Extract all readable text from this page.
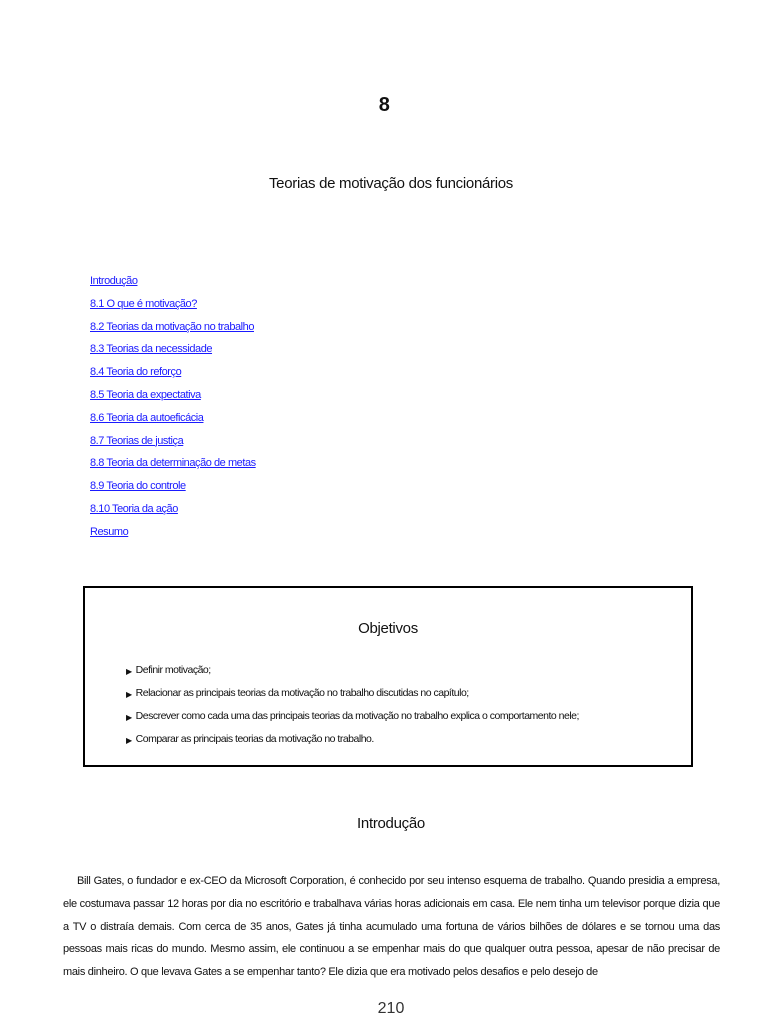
8
Teorias de motivação dos funcionários
Introdução
8.1 O que é motivação?
8.2 Teorias da motivação no trabalho
8.3 Teorias da necessidade
8.4 Teoria do reforço
8.5 Teoria da expectativa
8.6 Teoria da autoeficácia
8.7 Teorias de justiça
8.8 Teoria da determinação de metas
8.9 Teoria do controle
8.10 Teoria da ação
Resumo
Objetivos
▶ Definir motivação;
▶ Relacionar as principais teorias da motivação no trabalho discutidas no capítulo;
▶ Descrever como cada uma das principais teorias da motivação no trabalho explica o comportamento nele;
▶ Comparar as principais teorias da motivação no trabalho.
Introdução

Bill Gates, o fundador e ex-CEO da Microsoft Corporation, é conhecido por seu intenso esquema de trabalho. Quando presidia a empresa, ele costumava passar 12 horas por dia no escritório e trabalhava várias horas adicionais em casa. Ele nem tinha um televisor porque dizia que a TV o distraía demais. Com cerca de 35 anos, Gates já tinha acumulado uma fortuna de vários bilhões de dólares e se tornou uma das pessoas mais ricas do mundo. Mesmo assim, ele continuou a se empenhar mais do que qualquer outra pessoa, apesar de não precisar de mais dinheiro. O que levava Gates a se empenhar tanto? Ele dizia que era motivado pelos desafios e pelo desejo de

210
